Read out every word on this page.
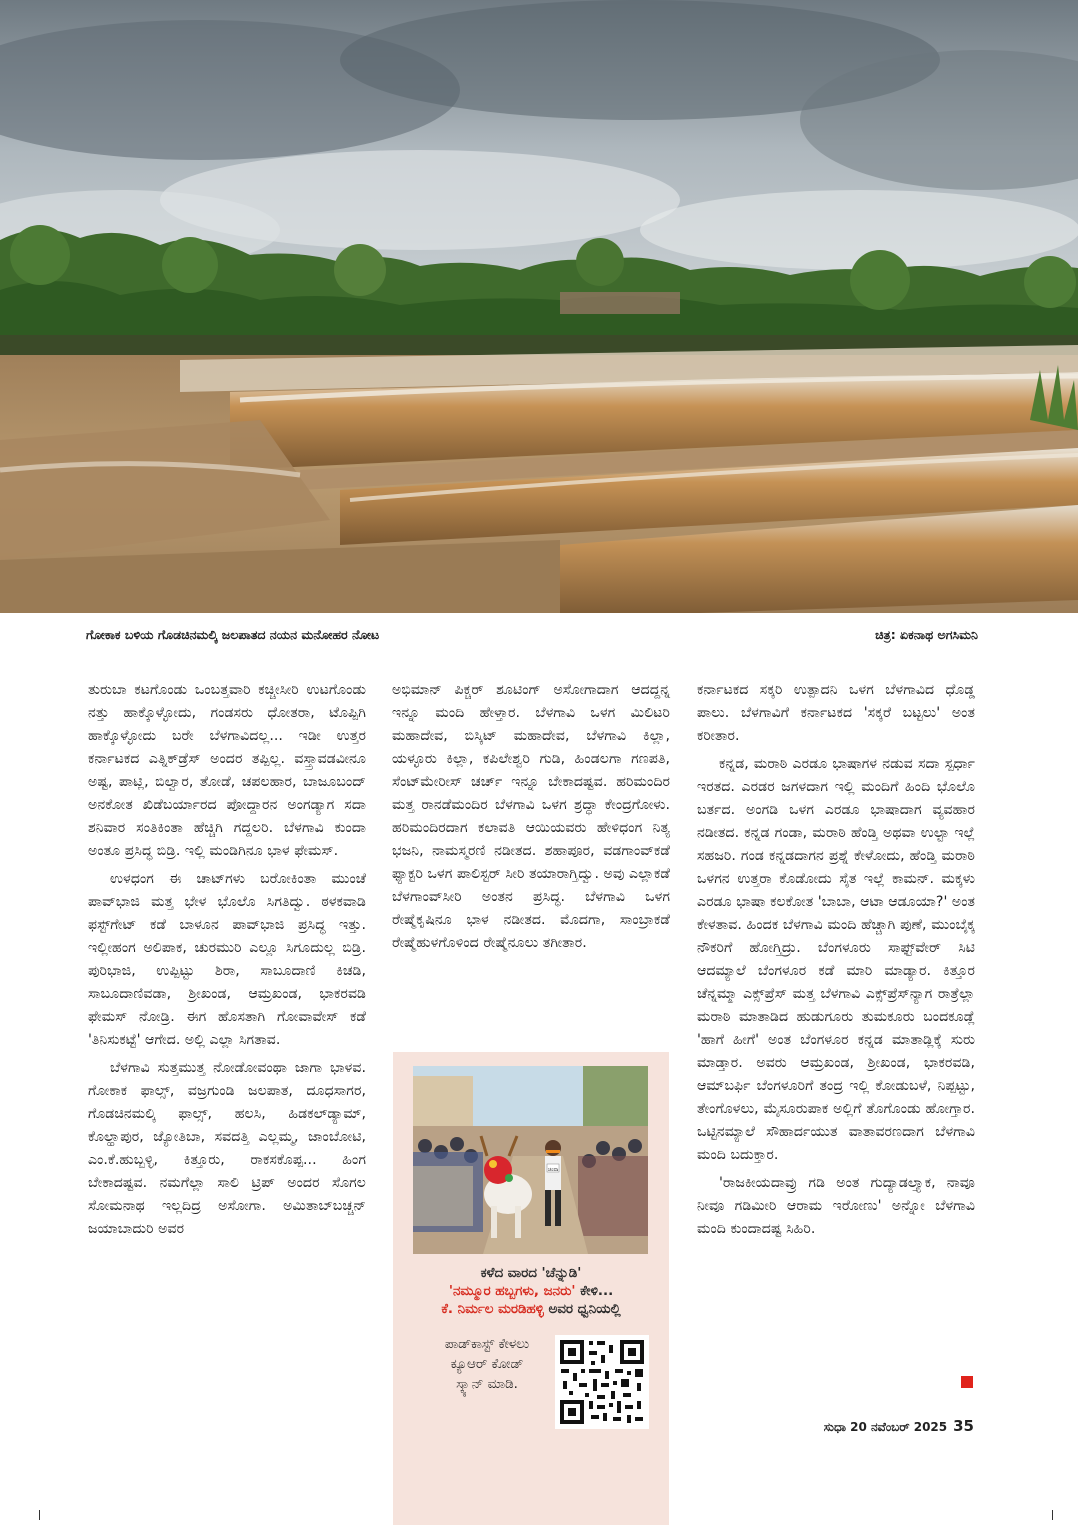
ಗೋಕಾಕ ಬಳಿಯ ಗೊಡಚಿನಮಲ್ಕಿ ಜಲಪಾತದ ನಯನ ಮನೋಹರ ನೋಟ	ಚಿತ್ರ: ಏಕನಾಥ ಅಗಸಿಮನಿ

ತುರುಬಾ ಕಟಗೊಂಡು ಒಂಬತ್ತವಾರಿ ಕಚ್ಚೀಸೀರಿ ಉಟಗೊಂಡು ನತ್ತು ಹಾಕ್ಕೊಳ್ಳೋದು, ಗಂಡಸರು ಧೋತರಾ, ಟೊಪ್ಪಿಗಿ ಹಾಕ್ಕೊಳ್ಳೋದು ಬರೇ ಬೆಳಗಾವಿದಲ್ಲ... ಇಡೀ ಉತ್ತರ ಕರ್ನಾಟಕದ ಎತ್ನಿಕ್‌ಡ್ರೆಸ್ ಅಂದರ ತಪ್ಪಿಲ್ಲ. ವಸ್ತ್ರಾವಡವೀನೂ ಅಷ್ಟ, ಪಾಟ್ಲಿ, ಬಿಲ್ವಾರ, ತೋಡೆ, ಚಪಲಹಾರ, ಬಾಜೂಬಂದ್ ಅನಕೋತ ಖಿಡೆಬರ್ಯಾರದ ಪೋದ್ದಾರನ ಅಂಗಡ್ಯಾಗ ಸದಾ ಶನಿವಾರ ಸಂತಿಕಿಂತಾ ಹೆಚ್ಚಿಗಿ ಗದ್ದಲರಿ. ಬೆಳಗಾವಿ ಕುಂದಾ ಅಂತೂ ಪ್ರಸಿದ್ಧ ಬಿಡ್ರಿ. ಇಲ್ಲಿ ಮಂಡಿಗಿನೂ ಭಾಳ ಫೇಮಸ್.

ಉಳಧಂಗ ಈ ಚಾಟ್‌ಗಳು ಬರೋಕಿಂತಾ ಮುಂಚೆ ಪಾವ್‌ಭಾಜಿ ಮತ್ತ ಭೇಳ ಭೊಲೊ ಸಿಗತಿದ್ವು. ಠಳಕವಾಡಿ ಫಸ್ಟ್‌ಗೇಟ್ ಕಡೆ ಬಾಳೂನ ಪಾವ್‌ಭಾಜಿ ಪ್ರಸಿದ್ಧ ಇತ್ತು. ಇಲ್ಲೀಹಂಗ ಅಲಿಪಾಕ, ಚುರಮುರಿ ಎಲ್ಲೂ ಸಿಗೂದುಲ್ಲ ಬಿಡ್ರಿ. ಪುರಿಭಾಜಿ, ಉಪ್ಪಿಟ್ಟು ಶಿರಾ, ಸಾಬೂದಾಣಿ ಕಿಚಡಿ, ಸಾಬೂದಾಣಿವಡಾ, ಶ್ರೀಖಂಡ, ಆಮ್ರಖಂಡ, ಭಾಕರವಡಿ ಫೇಮಸ್ ನೋಡ್ರಿ. ಈಗ ಹೊಸತಾಗಿ ಗೋವಾವೇಸ್ ಕಡೆ 'ತಿನಿಸುಕಟ್ಟೆ' ಆಗೇದ. ಅಲ್ಲಿ ಎಲ್ಲಾ ಸಿಗತಾವ.

ಬೆಳಗಾವಿ ಸುತ್ತಮುತ್ತ ನೋಡೋವಂಥಾ ಜಾಗಾ ಭಾಳವ. ಗೋಕಾಕ ಫಾಲ್ಸ್, ವಜ್ರಗುಂಡಿ ಜಲಪಾತ, ದೂಧಸಾಗರ, ಗೊಡಚಿನಮಲ್ಕಿ ಫಾಲ್ಸ್, ಹಲಸಿ, ಹಿಡಕಲ್‌ಡ್ಯಾಮ್, ಕೊಲ್ಹಾಪುರ, ಜ್ಯೋತಿಬಾ, ಸವದತ್ತಿ ಎಲ್ಲಮ್ಮ, ಜಾಂಬೋಟಿ, ಎಂ.ಕೆ.ಹುಬ್ಬಳ್ಳಿ, ಕಿತ್ತೂರು, ರಾಕಸಕೊಪ್ಪ... ಹಿಂಗ ಬೇಕಾದಷ್ಟವ. ನಮಗೆಲ್ಲಾ ಸಾಲಿ ಟ್ರಿಪ್ ಅಂದರ ಸೊಗಲ ಸೋಮನಾಥ ಇಲ್ಲದಿದ್ರ ಅಸೋಗಾ. ಅಮಿತಾಬ್‌ಬಚ್ಚನ್ ಜಯಾಬಾದುರಿ ಅವರ

ಅಭಿಮಾನ್ ಪಿಕ್ಚರ್ ಶೂಟಿಂಗ್ ಅಸೋಗಾದಾಗ ಆದದ್ದನ್ನ ಇನ್ನೂ ಮಂದಿ ಹೇಳ್ತಾರ. ಬೆಳಗಾವಿ ಒಳಗ ಮಿಲಿಟರಿ ಮಹಾದೇವ, ಬಿಸ್ಕಿಟ್ ಮಹಾದೇವ, ಬೆಳಗಾವಿ ಕಿಲ್ಲಾ, ಯಳ್ಳೂರು ಕಿಲ್ಲಾ, ಕಪಿಲೇಶ್ವರಿ ಗುಡಿ, ಹಿಂಡಲಗಾ ಗಣಪತಿ, ಸೆಂಟ್‌ಮೇರೀಸ್ ಚರ್ಚ್ ಇನ್ನೂ ಬೇಕಾದಷ್ಟವ. ಹರಿಮಂದಿರ ಮತ್ತ ರಾನಡೆಮಂದಿರ ಬೆಳಗಾವಿ ಒಳಗ ಶ್ರದ್ಧಾ ಕೇಂದ್ರಗೋಳು. ಹರಿಮಂದಿರದಾಗ ಕಲಾವತಿ ಆಯಿಯವರು ಹೇಳಿಧಂಗ ನಿತ್ಯ ಭಜನಿ, ನಾಮಸ್ಮರಣಿ ನಡೀತದ. ಶಹಾಪೂರ, ವಡಗಾಂವ್‌ಕಡೆ ಫ್ಯಾಕ್ಟರಿ ಒಳಗ ಪಾಲಿಸ್ಟರ್ ಸೀರಿ ತಯಾರಾಗ್ತಿದ್ವು. ಅವು ಎಲ್ಲಾಕಡೆ ಬೆಳಗಾಂವ್‌ಸೀರಿ ಅಂತನ ಪ್ರಸಿದ್ಧ. ಬೆಳಗಾವಿ ಒಳಗ ರೇಷ್ಮೆಕೃಷಿನೂ ಭಾಳ ನಡೀತದ. ಮೊದಗಾ, ಸಾಂಬ್ರಾಕಡೆ ರೇಷ್ಮೆಹುಳಗೊಳಿಂದ ರೇಷ್ಮೆನೂಲು ತಗೀತಾರ.

ಕರ್ನಾಟಕದ ಸಕ್ಕರಿ ಉತ್ಪಾದನಿ ಒಳಗ ಬೆಳಗಾವಿದ ಧೊಡ್ಡ ಪಾಲು. ಬೆಳಗಾವಿಗೆ ಕರ್ನಾಟಕದ 'ಸಕ್ಕರೆ ಬಟ್ಟಲು' ಅಂತ ಕರೀತಾರ.

ಕನ್ನಡ, ಮರಾಠಿ ಎರಡೂ ಭಾಷಾಗಳ ನಡುವ ಸದಾ ಸ್ಪರ್ಧಾ ಇರತದ. ಎರಡರ ಜಗಳದಾಗ ಇಲ್ಲಿ ಮಂದಿಗೆ ಹಿಂದಿ ಭೊಲೊ ಬರ್ತದ. ಅಂಗಡಿ ಒಳಗ ಎರಡೂ ಭಾಷಾದಾಗ ವ್ಯವಹಾರ ನಡೀತದ. ಕನ್ನಡ ಗಂಡಾ, ಮರಾಠಿ ಹೆಂಡ್ತಿ ಅಥವಾ ಉಲ್ಟಾ ಇಲ್ಲೆ ಸಹಜರಿ. ಗಂಡ ಕನ್ನಡದಾಗನ ಪ್ರಶ್ನೆ ಕೇಳೋದು, ಹೆಂಡ್ತಿ ಮರಾಠಿ ಒಳಗನ ಉತ್ತರಾ ಕೊಡೋದು ಸೈತ ಇಲ್ಲೆ ಕಾಮನ್. ಮಕ್ಕಳು ಎರಡೂ ಭಾಷಾ ಕಲಕೋತ 'ಬಾಬಾ, ಆಟಾ ಆಡೂಯಾ?' ಅಂತ ಕೇಳತಾವ. ಹಿಂದಕ ಬೆಳಗಾವಿ ಮಂದಿ ಹೆಚ್ಚಾಗಿ ಪುಣೆ, ಮುಂಬೈಕ್ಕ ನೌಕರಿಗೆ ಹೋಗ್ತಿದ್ರು. ಬೆಂಗಳೂರು ಸಾಫ್ಟ್‌ವೇರ್ ಸಿಟಿ ಆದಮ್ಯಾಲೆ ಬೆಂಗಳೂರ ಕಡೆ ಮಾರಿ ಮಾಡ್ಯಾರ. ಕಿತ್ತೂರ ಚೆನ್ನಮ್ಮಾ ಎಕ್ಸ್‌ಪ್ರೆಸ್ ಮತ್ತ ಬೆಳಗಾವಿ ಎಕ್ಸ್‌ಪ್ರೆಸ್‌ನ್ಯಾಗ ರಾತ್ರೆಲ್ಲಾ ಮರಾಠಿ ಮಾತಾಡಿದ ಹುಡುಗೂರು ತುಮಕೂರು ಬಂದಕೂಡ್ಲೆ 'ಹಾಗೆ ಹೀಗೆ' ಅಂತ ಬೆಂಗಳೂರ ಕನ್ನಡ ಮಾತಾಡ್ಲಿಕ್ಕೆ ಸುರು ಮಾಡ್ತಾರ. ಅವರು ಆಮ್ರಖಂಡ, ಶ್ರೀಖಂಡ, ಭಾಕರವಡಿ, ಆಮ್‌ಬರ್ಫಿ ಬೆಂಗಳೂರಿಗೆ ತಂದ್ರ ಇಲ್ಲಿ ಕೋಡುಬಳೆ, ನಿಪ್ಪಟ್ಟು, ತೇಂಗೊಳಲು, ಮೈಸೂರುಪಾಕ ಅಲ್ಲಿಗೆ ತೊಗೊಂಡು ಹೋಗ್ತಾರ. ಒಟ್ಟಿನಮ್ಯಾಲೆ ಸೌಹಾರ್ದಯುತ ವಾತಾವರಣದಾಗ ಬೆಳಗಾವಿ ಮಂದಿ ಬದುಕ್ತಾರ.

'ರಾಜಕೀಯದಾವ್ರು ಗಡಿ ಅಂತ ಗುದ್ಯಾಡಲ್ತ್ಯಾಕ, ನಾವೂ ನೀವೂ ಗಡಿಮೀರಿ ಆರಾಮ ಇರೋಣು' ಅನ್ನೋ ಬೆಳಗಾವಿ ಮಂದಿ ಕುಂದಾದಷ್ಟ ಸಿಹಿರಿ.

ಚಂಪಾ
ಕಳೆದ ವಾರದ 'ಚೆನ್ನುಡಿ'
'ನಮ್ಮೂರ ಹಬ್ಬಗಳು, ಜನರು' ಕೇಳಿ...
ಕೆ. ನಿರ್ಮಲ ಮರಡಿಹಳ್ಳಿ ಅವರ ಧ್ವನಿಯಲ್ಲಿ
ಪಾಡ್‌ಕಾಸ್ಟ್ ಕೇಳಲು
ಕ್ಯೂಆರ್ ಕೋಡ್
ಸ್ಕ್ಯಾನ್ ಮಾಡಿ.
ಸುಧಾ 20 ನವೆಂಬರ್ 2025 35
